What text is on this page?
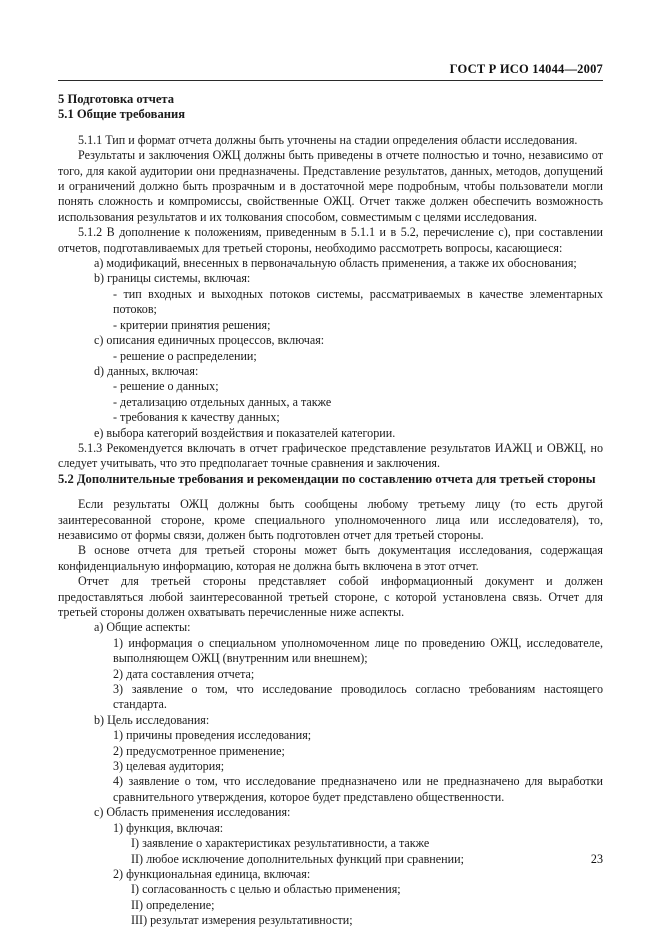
ГОСТ Р ИСО 14044—2007
5 Подготовка отчета
5.1 Общие требования

5.1.1 Тип и формат отчета должны быть уточнены на стадии определения области исследования.

Результаты и заключения ОЖЦ должны быть приведены в отчете полностью и точно, независимо от того, для какой аудитории они предназначены. Представление результатов, данных, методов, допущений и ограничений должно быть прозрачным и в достаточной мере подробным, чтобы пользователи могли понять сложность и компромиссы, свойственные ОЖЦ. Отчет также должен обеспечить возможность использования результатов и их толкования способом, совместимым с целями исследования.

5.1.2 В дополнение к положениям, приведенным в 5.1.1 и в 5.2, перечисление с), при составлении отчетов, подготавливаемых для третьей стороны, необходимо рассмотреть вопросы, касающиеся:

a) модификаций, внесенных в первоначальную область применения, а также их обоснования;

b) границы системы, включая:

- тип входных и выходных потоков системы, рассматриваемых в качестве элементарных потоков;

- критерии принятия решения;

c) описания единичных процессов, включая:

- решение о распределении;

d) данных, включая:

- решение о данных;

- детализацию отдельных данных, а также

- требования к качеству данных;

e) выбора категорий воздействия и показателей категории.

5.1.3 Рекомендуется включать в отчет графическое представление результатов ИАЖЦ и ОВЖЦ, но следует учитывать, что это предполагает точные сравнения и заключения.

5.2 Дополнительные требования и рекомендации по составлению отчета для третьей стороны

Если результаты ОЖЦ должны быть сообщены любому третьему лицу (то есть другой заинтересованной стороне, кроме специального уполномоченного лица или исследователя), то, независимо от формы связи, должен быть подготовлен отчет для третьей стороны.

В основе отчета для третьей стороны может быть документация исследования, содержащая конфиденциальную информацию, которая не должна быть включена в этот отчет.

Отчет для третьей стороны представляет собой информационный документ и должен предоставляться любой заинтересованной третьей стороне, с которой установлена связь. Отчет для третьей стороны должен охватывать перечисленные ниже аспекты.

a) Общие аспекты:

1) информация о специальном уполномоченном лице по проведению ОЖЦ, исследователе, выполняющем ОЖЦ (внутренним или внешнем);

2) дата составления отчета;

3) заявление о том, что исследование проводилось согласно требованиям настоящего стандарта.

b) Цель исследования:

1) причины проведения исследования;

2) предусмотренное применение;

3) целевая аудитория;

4) заявление о том, что исследование предназначено или не предназначено для выработки сравнительного утверждения, которое будет представлено общественности.

c) Область применения исследования:

1) функция, включая:

I) заявление о характеристиках результативности, а также

II) любое исключение дополнительных функций при сравнении;

2) функциональная единица, включая:

I) согласованность с целью и областью применения;

II) определение;

III) результат измерения результативности;

23
